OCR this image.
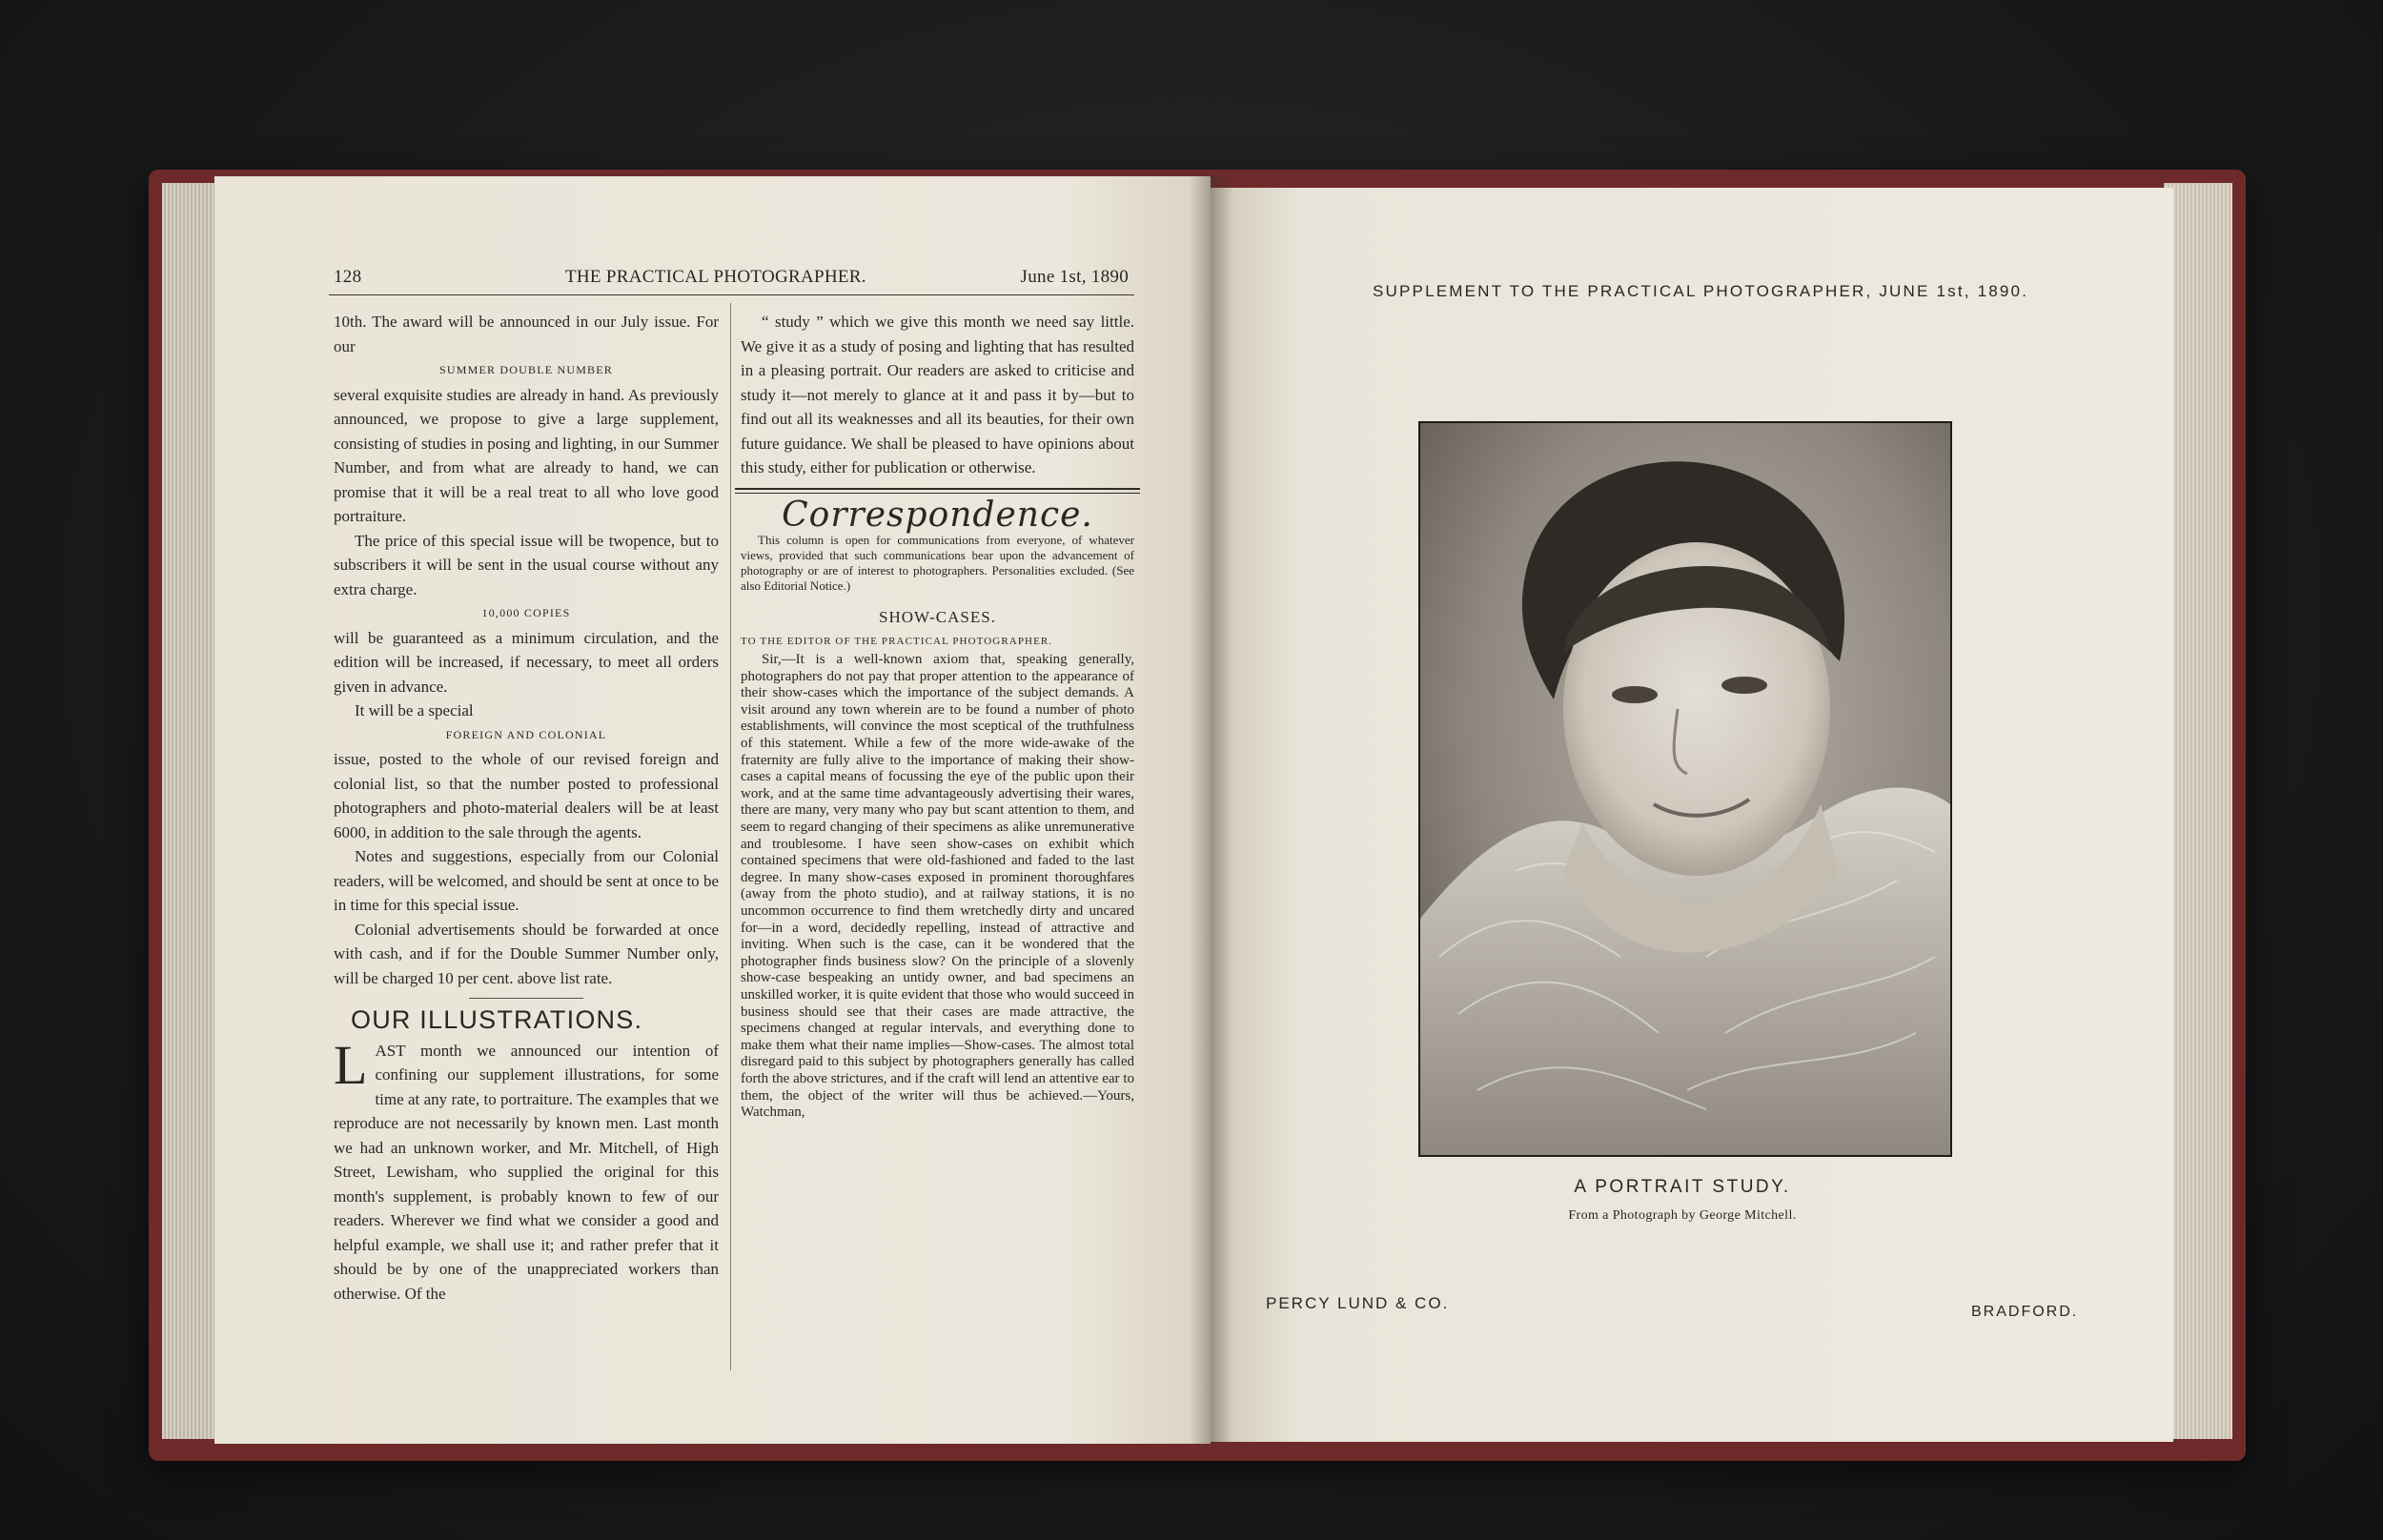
128	THE PRACTICAL PHOTOGRAPHER.	June 1st, 1890

10th. The award will be announced in our July issue. For our

SUMMER DOUBLE NUMBER

several exquisite studies are already in hand. As previously announced, we propose to give a large supplement, consisting of studies in posing and lighting, in our Summer Number, and from what are already to hand, we can promise that it will be a real treat to all who love good portraiture.

The price of this special issue will be twopence, but to subscribers it will be sent in the usual course without any extra charge.

10,000 COPIES

will be guaranteed as a minimum circulation, and the edition will be increased, if necessary, to meet all orders given in advance.

It will be a special

FOREIGN AND COLONIAL

issue, posted to the whole of our revised foreign and colonial list, so that the number posted to professional photographers and photo-material dealers will be at least 6000, in addition to the sale through the agents.

Notes and suggestions, especially from our Colonial readers, will be welcomed, and should be sent at once to be in time for this special issue.

Colonial advertisements should be forwarded at once with cash, and if for the Double Summer Number only, will be charged 10 per cent. above list rate.

OUR ILLUSTRATIONS.

LAST month we announced our intention of confining our supplement illustrations, for some time at any rate, to portraiture. The examples that we reproduce are not necessarily by known men. Last month we had an unknown worker, and Mr. Mitchell, of High Street, Lewisham, who supplied the original for this month's supplement, is probably known to few of our readers. Wherever we find what we consider a good and helpful example, we shall use it; and rather prefer that it should be by one of the unappreciated workers than otherwise. Of the

“ study ” which we give this month we need say little. We give it as a study of posing and lighting that has resulted in a pleasing portrait. Our readers are asked to criticise and study it—not merely to glance at it and pass it by—but to find out all its weaknesses and all its beauties, for their own future guidance. We shall be pleased to have opinions about this study, either for publication or otherwise.

Correspondence.

This column is open for communications from everyone, of whatever views, provided that such communications bear upon the advancement of photography or are of interest to photographers. Personalities excluded. (See also Editorial Notice.)

SHOW-CASES.
TO THE EDITOR OF THE PRACTICAL PHOTOGRAPHER.

Sir,—It is a well-known axiom that, speaking generally, photographers do not pay that proper attention to the appearance of their show-cases which the importance of the subject demands. A visit around any town wherein are to be found a number of photo establishments, will convince the most sceptical of the truthfulness of this statement. While a few of the more wide-awake of the fraternity are fully alive to the importance of making their show-cases a capital means of focussing the eye of the public upon their work, and at the same time advantageously advertising their wares, there are many, very many who pay but scant attention to them, and seem to regard changing of their specimens as alike unremunerative and troublesome. I have seen show-cases on exhibit which contained specimens that were old-fashioned and faded to the last degree. In many show-cases exposed in prominent thoroughfares (away from the photo studio), and at railway stations, it is no uncommon occurrence to find them wretchedly dirty and uncared for—in a word, decidedly repelling, instead of attractive and inviting. When such is the case, can it be wondered that the photographer finds business slow? On the principle of a slovenly show-case bespeaking an untidy owner, and bad specimens an unskilled worker, it is quite evident that those who would succeed in business should see that their cases are made attractive, the specimens changed at regular intervals, and everything done to make them what their name implies—Show-cases. The almost total disregard paid to this subject by photographers generally has called forth the above strictures, and if the craft will lend an attentive ear to them, the object of the writer will thus be achieved.—Yours, Watchman,

SUPPLEMENT TO THE PRACTICAL PHOTOGRAPHER, JUNE 1st, 1890.
A PORTRAIT STUDY.
From a Photograph by George Mitchell.
PERCY LUND & CO.	BRADFORD.
